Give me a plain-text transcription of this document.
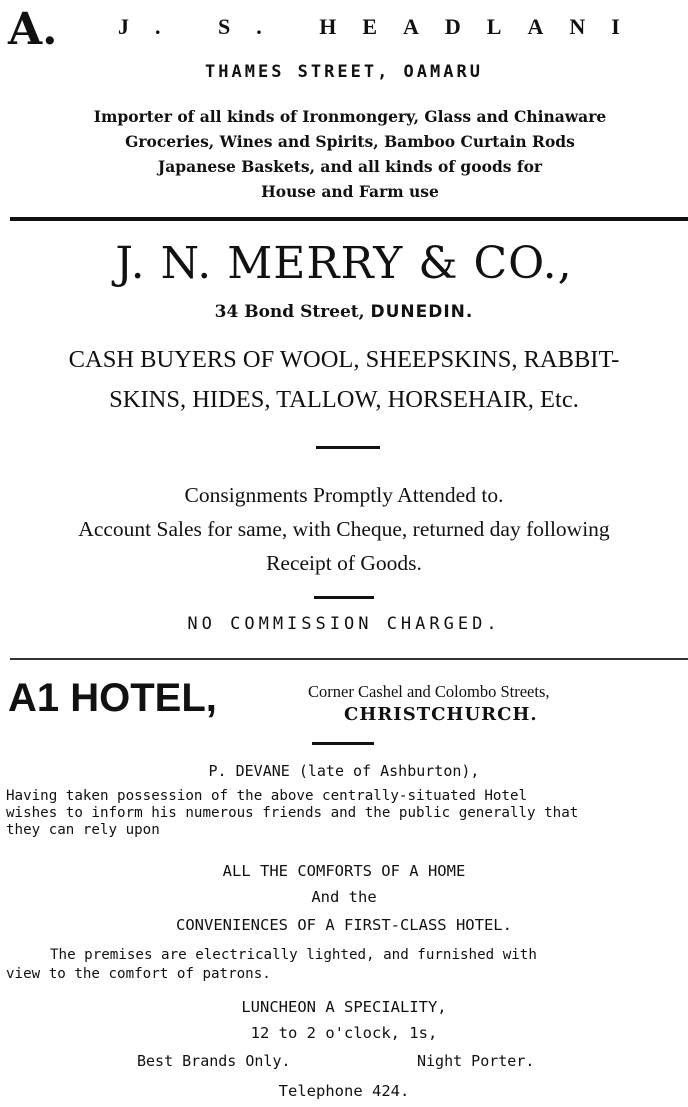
A.	J. S. HEADLANI
THAMES STREET, OAMARU
Importer of all kinds of Ironmongery, Glass and Chinaware
Groceries, Wines and Spirits, Bamboo Curtain Rods
Japanese Baskets, and all kinds of goods for
House and Farm use
J. N. MERRY & CO.,
34 Bond Street, DUNEDIN.
CASH BUYERS OF WOOL, SHEEPSKINS, RABBIT-
SKINS, HIDES, TALLOW, HORSEHAIR, Etc.
Consignments Promptly Attended to.
Account Sales for same, with Cheque, returned day following
Receipt of Goods.
NO COMMISSION CHARGED.
A1 HOTEL,	Corner Cashel and Colombo Streets,
CHRISTCHURCH.
P. DEVANE (late of Ashburton),
Having taken possession of the above centrally-situated Hotel
wishes to inform his numerous friends and the public generally that
they can rely upon
ALL THE COMFORTS OF A HOME
And the
CONVENIENCES OF A FIRST-CLASS HOTEL.
The premises are electrically lighted, and furnished with
view to the comfort of patrons.
LUNCHEON A SPECIALITY,
12 to 2 o'clock, 1s,
Best Brands Only.	Night Porter.
Telephone 424.
